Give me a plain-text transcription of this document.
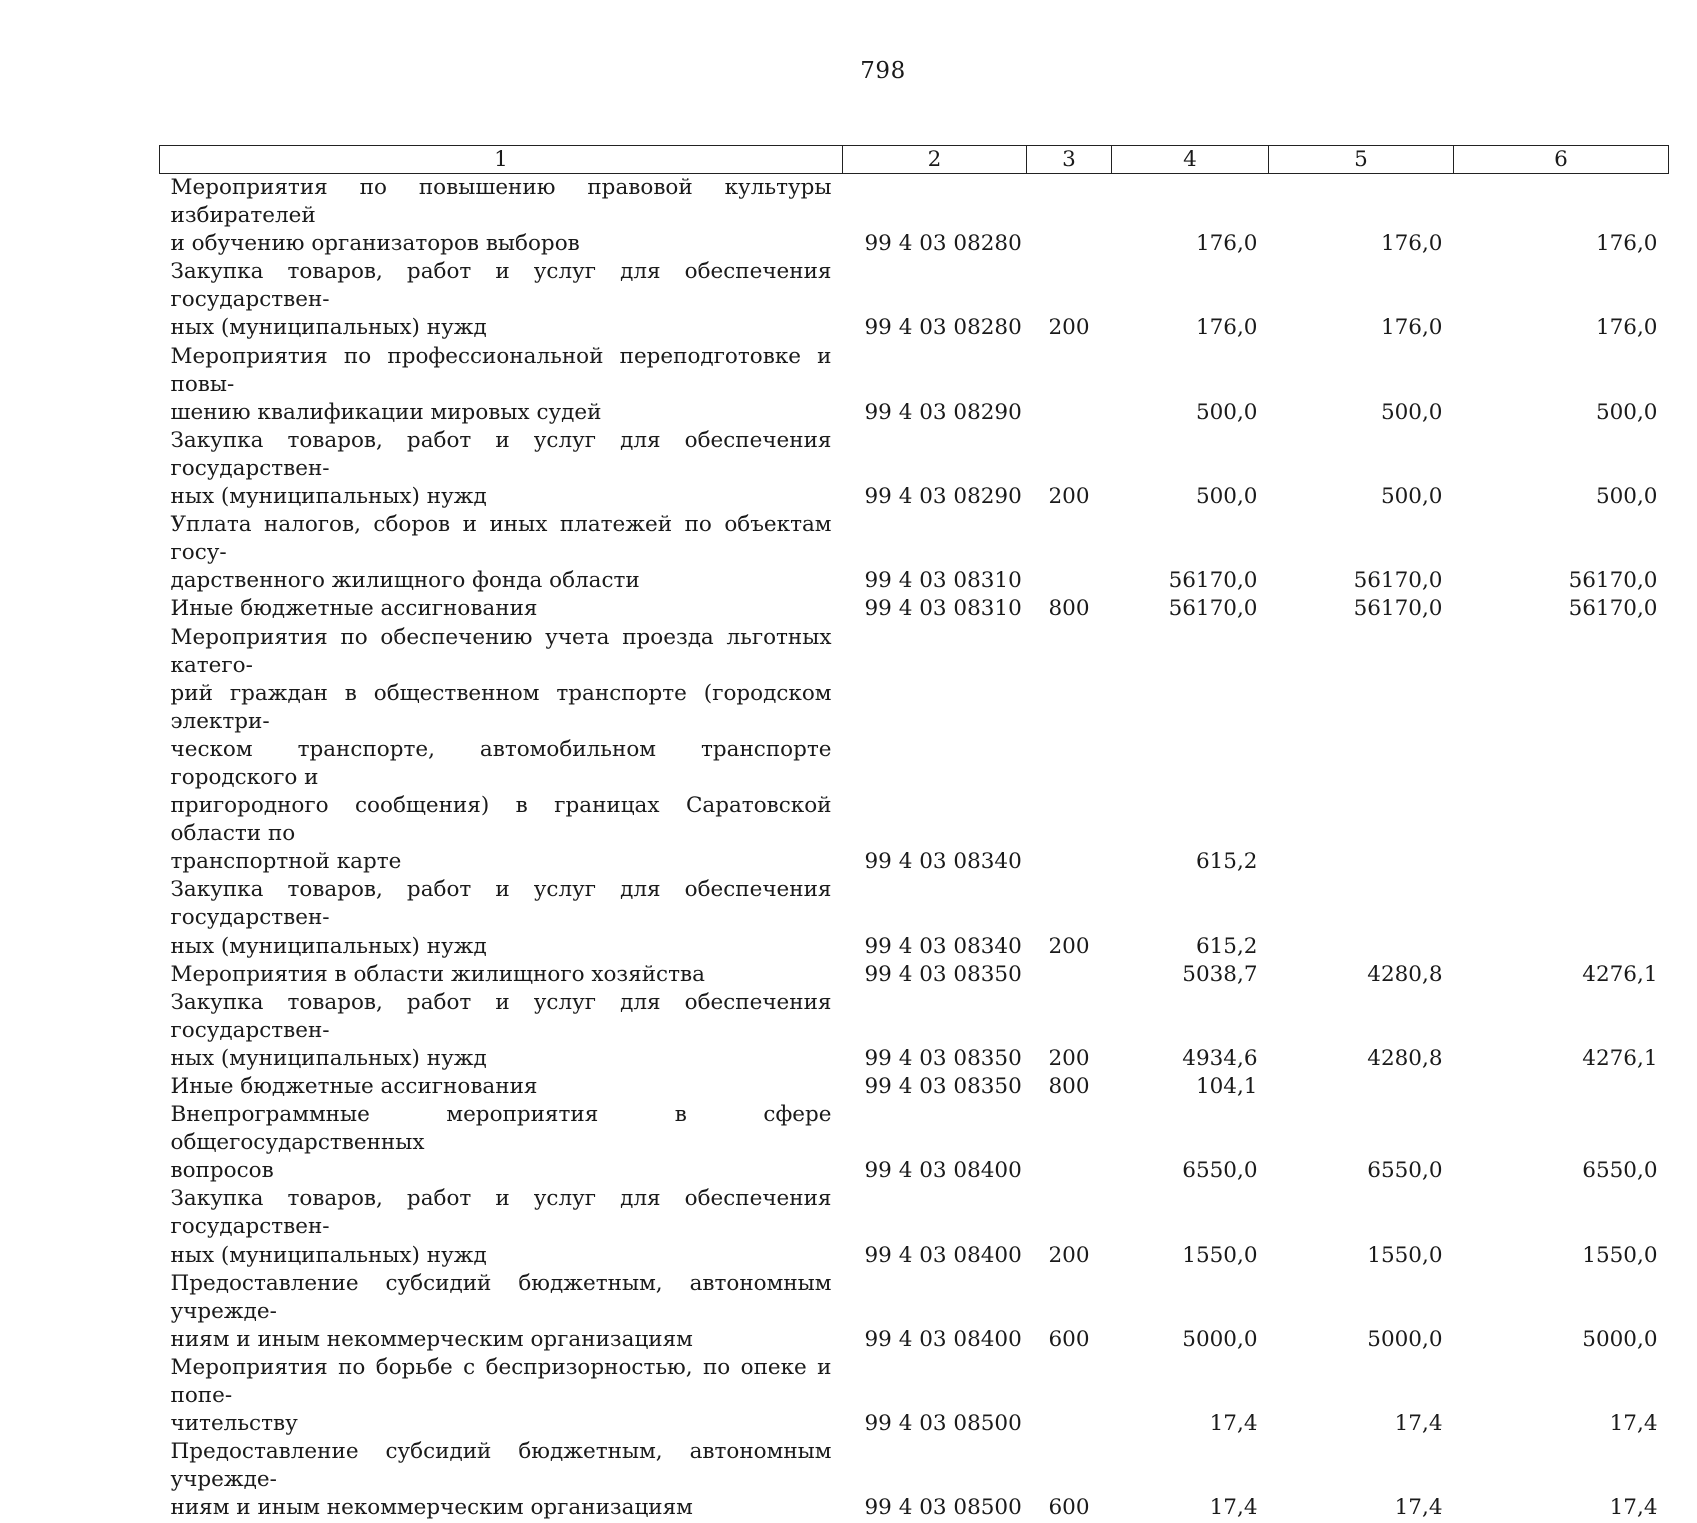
798
1	2	3	4	5	6
Мероприятия по повышению правовой культуры избирателей
и обучению организаторов выборов	99 4 03 08280		176,0	176,0	176,0
Закупка товаров, работ и услуг для обеспечения государствен-
ных (муниципальных) нужд	99 4 03 08280	200	176,0	176,0	176,0
Мероприятия по профессиональной переподготовке и повы-
шению квалификации мировых судей	99 4 03 08290		500,0	500,0	500,0
Закупка товаров, работ и услуг для обеспечения государствен-
ных (муниципальных) нужд	99 4 03 08290	200	500,0	500,0	500,0
Уплата налогов, сборов и иных платежей по объектам госу-
дарственного жилищного фонда области	99 4 03 08310		56170,0	56170,0	56170,0
Иные бюджетные ассигнования	99 4 03 08310	800	56170,0	56170,0	56170,0
Мероприятия по обеспечению учета проезда льготных катего-
рий граждан в общественном транспорте (городском электри-
ческом транспорте, автомобильном транспорте городского и
пригородного сообщения) в границах Саратовской области по
транспортной карте	99 4 03 08340		615,2		
Закупка товаров, работ и услуг для обеспечения государствен-
ных (муниципальных) нужд	99 4 03 08340	200	615,2		
Мероприятия в области жилищного хозяйства	99 4 03 08350		5038,7	4280,8	4276,1
Закупка товаров, работ и услуг для обеспечения государствен-
ных (муниципальных) нужд	99 4 03 08350	200	4934,6	4280,8	4276,1
Иные бюджетные ассигнования	99 4 03 08350	800	104,1		
Внепрограммные мероприятия в сфере общегосударственных
вопросов	99 4 03 08400		6550,0	6550,0	6550,0
Закупка товаров, работ и услуг для обеспечения государствен-
ных (муниципальных) нужд	99 4 03 08400	200	1550,0	1550,0	1550,0
Предоставление субсидий бюджетным, автономным учрежде-
ниям и иным некоммерческим организациям	99 4 03 08400	600	5000,0	5000,0	5000,0
Мероприятия по борьбе с беспризорностью, по опеке и попе-
чительству	99 4 03 08500		17,4	17,4	17,4
Предоставление субсидий бюджетным, автономным учрежде-
ниям и иным некоммерческим организациям	99 4 03 08500	600	17,4	17,4	17,4
